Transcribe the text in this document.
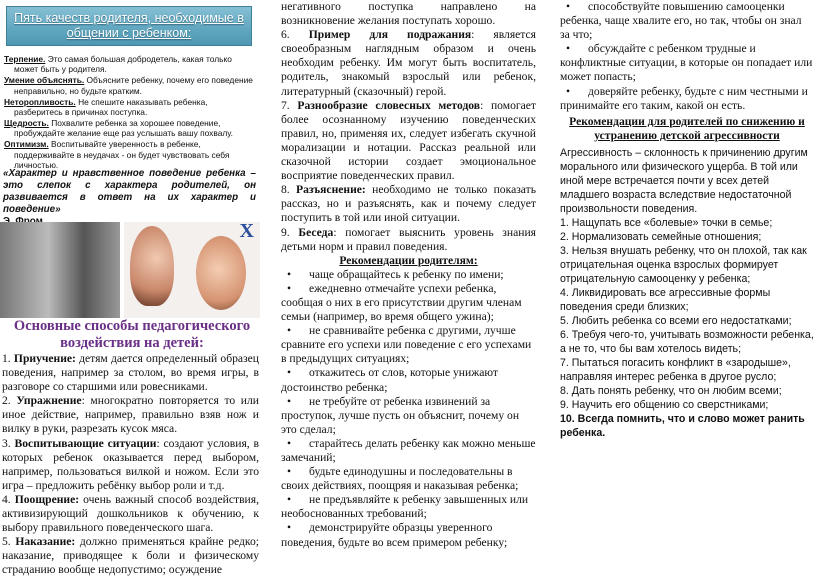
Пять качеств родителя, необходимые в общении с ребенком:

Терпение. Это самая большая добродетель, какая только
может быть у родителя.

Умение объяснять. Объясните ребенку, почему его поведение
неправильно, но будьте кратким.

Неторопливость. Не спешите наказывать ребенка,
разберитесь в причинах поступка.

Щедрость. Похвалите ребенка за хорошее поведение,
пробуждайте желание еще раз услышать вашу похвалу.

Оптимизм. Воспитывайте уверенность в ребенке,
поддерживайте в неудачах - он будет чувствовать себя
личностью.

«Характер и нравственное поведение ребенка – это слепок с характера родителей, он развивается в ответ на их характер и поведение»

X
Основные способы педагогического воздействия на детей:

1. Приучение: детям дается определенный образец поведения, например за столом, во время игры, в разговоре со старшими или ровесниками.

2. Упражнение: многократно повторяется то или иное действие, например, правильно взяв нож и вилку в руки, разрезать кусок мяса.

3. Воспитывающие ситуации: создают условия, в которых ребенок оказывается перед выбором, например, пользоваться вилкой и ножом. Если это игра – предложить ребёнку выбор роли и т.д.

4. Поощрение: очень важный способ воздействия, активизирующий дошкольников к обучению, к выбору правильного поведенческого шага.

5. Наказание: должно применяться крайне редко; наказание, приводящее к боли и физическому страданию вообще недопустимо; осуждение

негативного поступка направлено на возникновение желания поступать хорошо.

6. Пример для подражания: является своеобразным наглядным образом и очень необходим ребенку. Им могут быть воспитатель, родитель, знакомый взрослый или ребенок, литературный (сказочный) герой.

7. Разнообразие словесных методов: помогает более осознанному изучению поведенческих правил, но, применяя их, следует избегать скучной морализации и нотации. Рассказ реальной или сказочной истории создает эмоциональное восприятие поведенческих правил.

8. Разъяснение: необходимо не только показать рассказ, но и разъяснять, как и почему следует поступить в той или иной ситуации.

9. Беседа: помогает выяснить уровень знания детьми норм и правил поведения.

Рекомендации родителям:
• чаще обращайтесь к ребенку по имени;
• ежедневно отмечайте успехи ребенка, сообщая о них в его присутствии другим членам семьи (например, во время общего ужина);
• не сравнивайте ребенка с другими, лучше сравните его успехи или поведение с его успехами в предыдущих ситуациях;
• откажитесь от слов, которые унижают достоинство ребенка;
• не требуйте от ребенка извинений за проступок, лучше пусть он объяснит, почему он это сделал;
• старайтесь делать ребенку как можно меньше замечаний;
• будьте единодушны и последовательны в своих действиях, поощряя и наказывая ребенка;
• не предъявляйте к ребенку завышенных или необоснованных требований;
• демонстрируйте образцы уверенного поведения, будьте во всем примером ребенку;
• способствуйте повышению самооценки ребенка, чаще хвалите его, но так, чтобы он знал за что;
• обсуждайте с ребенком трудные и конфликтные ситуации, в которые он попадает или может попасть;
• доверяйте ребенку, будьте с ним честными и принимайте его таким, какой он есть.

Рекомендации для родителей по снижению и устранению детской агрессивности

Агрессивность – склонность к причинению другим морального или физического ущерба. В той или иной мере встречается почти у всех детей младшего возраста вследствие недостаточной произвольности поведения.

1. Нащупать все «болевые» точки в семье;

2. Нормализовать семейные отношения;

3. Нельзя внушать ребенку, что он плохой, так как отрицательная оценка взрослых формирует отрицательную самооценку у ребенка;

4. Ликвидировать все агрессивные формы поведения среди близких;

5. Любить ребенка со всеми его недостатками;

6. Требуя чего-то, учитывать возможности ребенка, а не то, что бы вам хотелось видеть;

7. Пытаться погасить конфликт в «зародыше», направляя интерес ребенка в другое русло;

8. Дать понять ребенку, что он любим всеми;

9. Научить его общению со сверстниками;

10. Всегда помнить, что и слово может ранить ребенка.
